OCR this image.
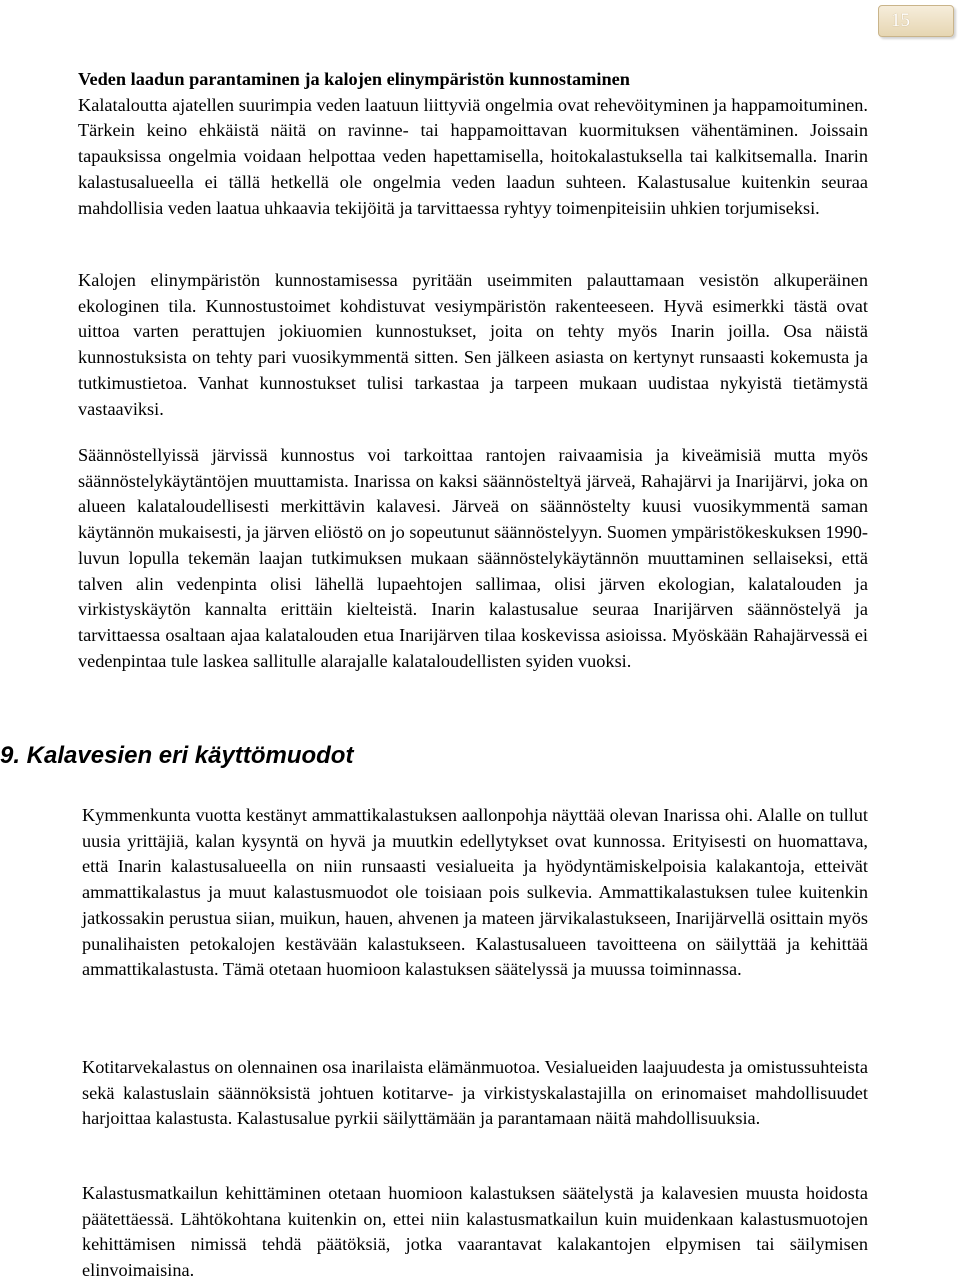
15

Veden laadun parantaminen ja kalojen elinympäristön kunnostaminen
Kalataloutta ajatellen suurimpia veden laatuun liittyviä ongelmia ovat rehevöityminen ja happamoituminen. Tärkein keino ehkäistä näitä on ravinne- tai happamoittavan kuormituksen vähentäminen. Joissain tapauksissa ongelmia voidaan helpottaa veden hapettamisella, hoitokalastuksella tai kalkitsemalla. Inarin kalastusalueella ei tällä hetkellä ole ongelmia veden laadun suhteen. Kalastusalue kuitenkin seuraa mahdollisia veden laatua uhkaavia tekijöitä ja tarvittaessa ryhtyy toimenpiteisiin uhkien torjumiseksi.

Kalojen elinympäristön kunnostamisessa pyritään useimmiten palauttamaan vesistön alkuperäinen ekologinen tila. Kunnostustoimet kohdistuvat vesiympäristön rakenteeseen. Hyvä esimerkki tästä ovat uittoa varten perattujen jokiuomien kunnostukset, joita on tehty myös Inarin joilla. Osa näistä kunnostuksista on tehty pari vuosikymmentä sitten. Sen jälkeen asiasta on kertynyt runsaasti kokemusta ja tutkimustietoa. Vanhat kunnostukset tulisi tarkastaa ja tarpeen mukaan uudistaa nykyistä tietämystä vastaaviksi.

Säännöstellyissä järvissä kunnostus voi tarkoittaa rantojen raivaamisia ja kiveämisiä mutta myös säännöstelykäytäntöjen muuttamista. Inarissa on kaksi säännösteltyä järveä, Rahajärvi ja Inarijärvi, joka on alueen kalataloudellisesti merkittävin kalavesi. Järveä on säännöstelty kuusi vuosikymmentä saman käytännön mukaisesti, ja järven eliöstö on jo sopeutunut säännöstelyyn. Suomen ympäristökeskuksen 1990-luvun lopulla tekemän laajan tutkimuksen mukaan säännöstelykäytännön muuttaminen sellaiseksi, että talven alin vedenpinta olisi lähellä lupaehtojen sallimaa, olisi järven ekologian, kalatalouden ja virkistyskäytön kannalta erittäin kielteistä. Inarin kalastusalue seuraa Inarijärven säännöstelyä ja tarvittaessa osaltaan ajaa kalatalouden etua Inarijärven tilaa koskevissa asioissa. Myöskään Rahajärvessä ei vedenpintaa tule laskea sallitulle alarajalle kalataloudellisten syiden vuoksi.

9. Kalavesien eri käyttömuodot

Kymmenkunta vuotta kestänyt ammattikalastuksen aallonpohja näyttää olevan Inarissa ohi. Alalle on tullut uusia yrittäjiä, kalan kysyntä on hyvä ja muutkin edellytykset ovat kunnossa. Erityisesti on huomattava, että Inarin kalastusalueella on niin runsaasti vesialueita ja hyödyntämiskelpoisia kalakantoja, etteivät ammattikalastus ja muut kalastusmuodot ole toisiaan pois sulkevia. Ammattikalastuksen tulee kuitenkin jatkossakin perustua siian, muikun, hauen, ahvenen ja mateen järvikalastukseen, Inarijärvellä osittain myös punalihaisten petokalojen kestävään kalastukseen. Kalastusalueen tavoitteena on säilyttää ja kehittää ammattikalastusta. Tämä otetaan huomioon kalastuksen säätelyssä ja muussa toiminnassa.

Kotitarvekalastus on olennainen osa inarilaista elämänmuotoa. Vesialueiden laajuudesta ja omistussuhteista sekä kalastuslain säännöksistä johtuen kotitarve- ja virkistyskalastajilla on erinomaiset mahdollisuudet harjoittaa kalastusta. Kalastusalue pyrkii säilyttämään ja parantamaan näitä mahdollisuuksia.

Kalastusmatkailun kehittäminen otetaan huomioon kalastuksen säätelystä ja kalavesien muusta hoidosta päätettäessä. Lähtökohtana kuitenkin on, ettei niin kalastusmatkailun kuin muidenkaan kalastusmuotojen kehittämisen nimissä tehdä päätöksiä, jotka vaarantavat kalakantojen elpymisen tai säilymisen elinvoimaisina.
